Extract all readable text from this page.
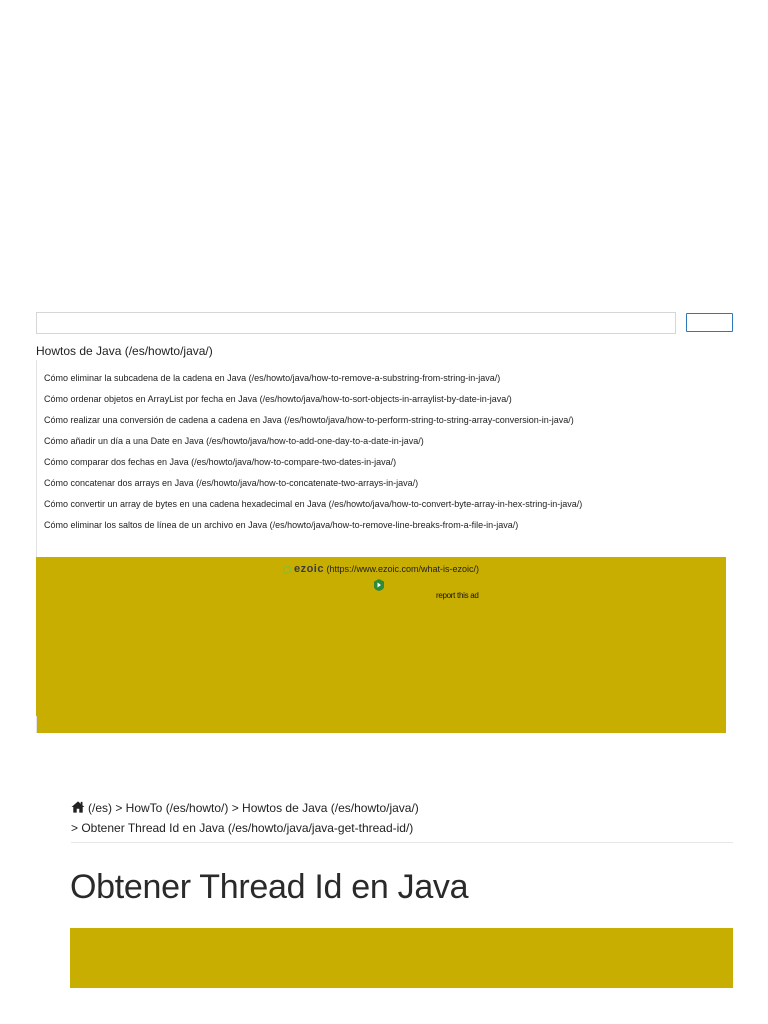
Howtos de Java (/es/howto/java/)
Cómo eliminar la subcadena de la cadena en Java (/es/howto/java/how-to-remove-a-substring-from-string-in-java/)
Cómo ordenar objetos en ArrayList por fecha en Java (/es/howto/java/how-to-sort-objects-in-arraylist-by-date-in-java/)
Cómo realizar una conversión de cadena a cadena en Java (/es/howto/java/how-to-perform-string-to-string-array-conversion-in-java/)
Cómo añadir un día a una Date en Java (/es/howto/java/how-to-add-one-day-to-a-date-in-java/)
Cómo comparar dos fechas en Java (/es/howto/java/how-to-compare-two-dates-in-java/)
Cómo concatenar dos arrays en Java (/es/howto/java/how-to-concatenate-two-arrays-in-java/)
Cómo convertir un array de bytes en una cadena hexadecimal en Java (/es/howto/java/how-to-convert-byte-array-in-hex-string-in-java/)
Cómo eliminar los saltos de línea de un archivo en Java (/es/howto/java/how-to-remove-line-breaks-from-a-file-in-java/)
ezoic (https://www.ezoic.com/what-is-ezoic/)
report this ad
(/es) > HowTo (/es/howto/) > Howtos de Java (/es/howto/java/)
> Obtener Thread Id en Java (/es/howto/java/java-get-thread-id/)
Obtener Thread Id en Java
